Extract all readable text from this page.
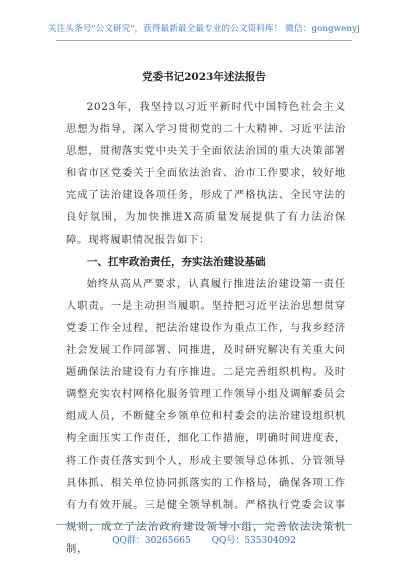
关注头条号"公文研究"，获得最新最全最专业的公文资料库！ 微信：gongwenyj
党委书记2023年述法报告

2023年，我坚持以习近平新时代中国特色社会主义思想为指导，深入学习贯彻党的二十大精神、习近平法治思想，贯彻落实党中央关于全面依法治国的重大决策部署和省市区党委关于全面依法治省、治市工作要求，较好地完成了法治建设各项任务，形成了严格执法、全民守法的良好氛围，为加快推进X高质量发展提供了有力法治保障。现将履职情况报告如下：

一、扛牢政治责任，夯实法治建设基础

始终从高从严要求，认真履行推进法治建设第一责任人职责。一是主动担当履职。坚持把习近平法治思想贯穿党委工作全过程，把法治建设作为重点工作，与我乡经济社会发展工作同部署、同推进，及时研究解决有关重大问题确保法治建设有力有序推进。二是完善组织机构。及时调整充实农村网格化服务管理工作领导小组及调解委员会组成人员，不断健全乡领单位和村委会的法治建设组织机构全面压实工作责任，细化工作措施，明确时间进度表，将工作责任落实到个人，形成主要领导总体抓、分管领导具体抓、相关单位协同抓落实的工作格局，确保各项工作有力有效开展。三是健全领导机制。严格执行党委会议事规则，成立了法治政府建设领导小组，完善依法决策机制，

QQ群：30265665 QQ号：535304092
